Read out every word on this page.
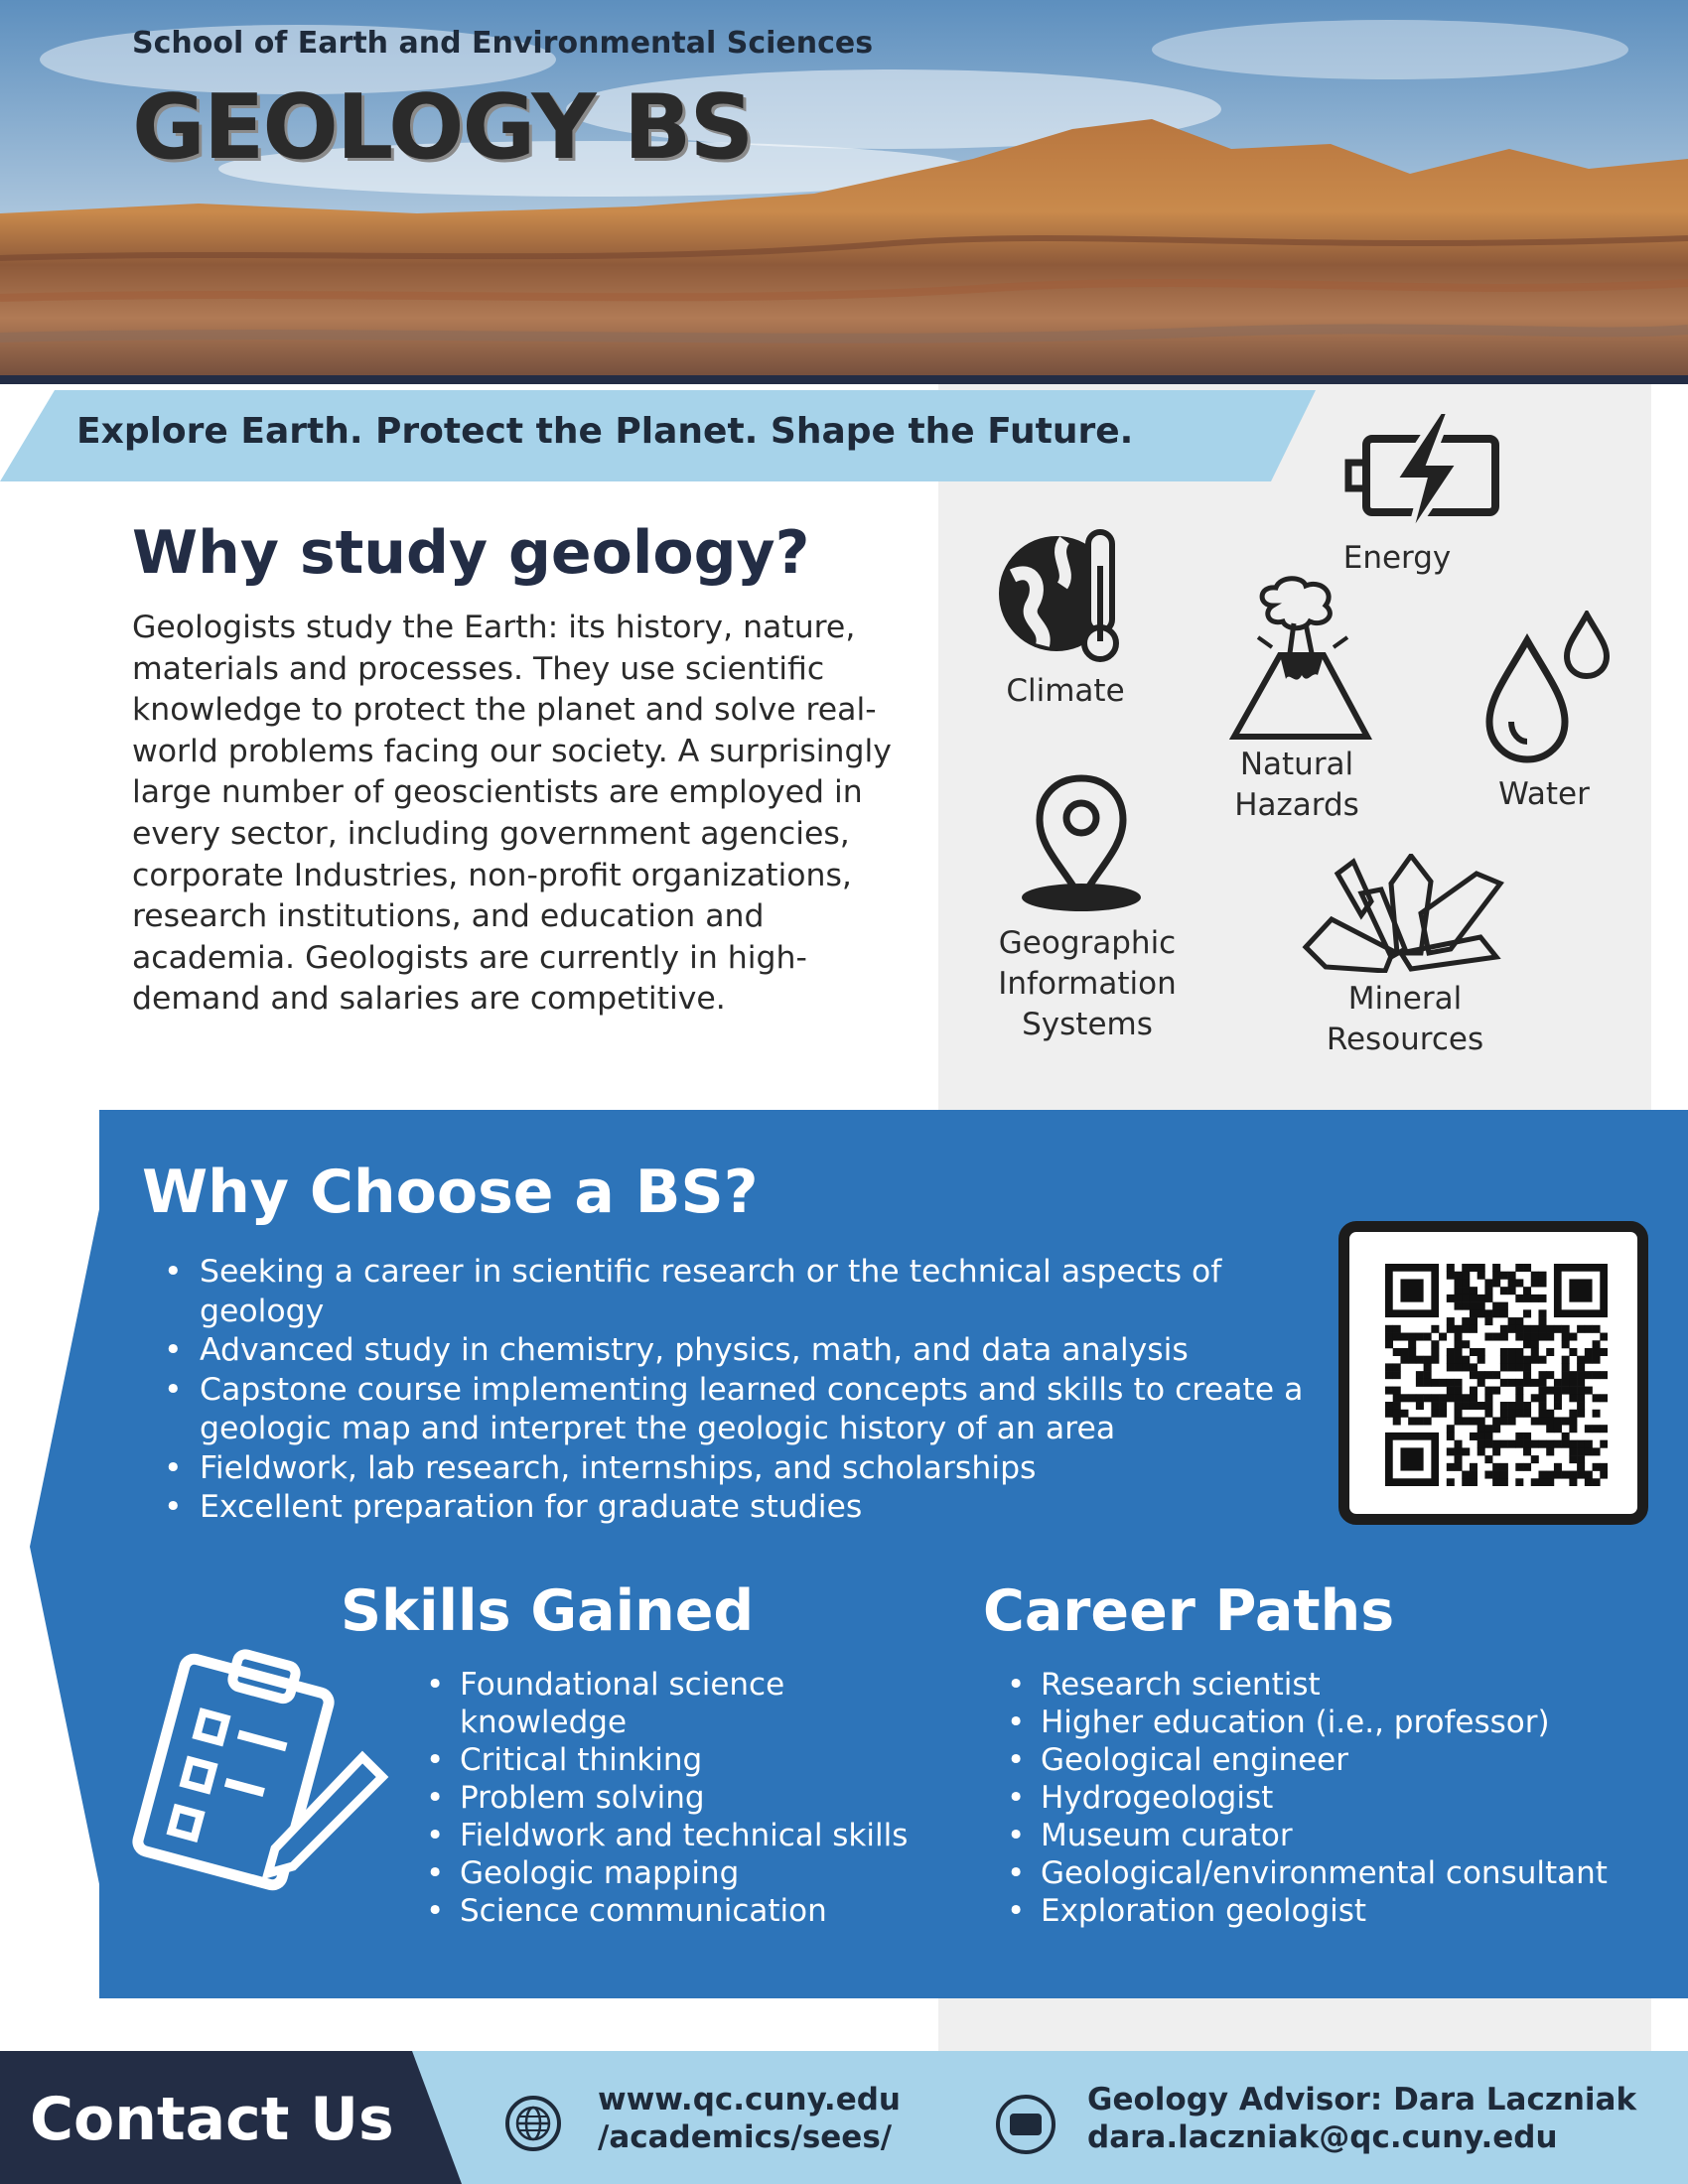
School of Earth and Environmental Sciences
GEOLOGY BS
Explore Earth. Protect the Planet. Shape the Future.
Why study geology?
Geologists study the Earth: its history, nature, materials and processes. They use scientific knowledge to protect the planet and solve real-world problems facing our society. A surprisingly large number of geoscientists are employed in every sector, including government agencies, corporate Industries, non-profit organizations, research institutions, and education and academia. Geologists are currently in high-demand and salaries are competitive.
Energy
Climate
Natural
Hazards	Water
Geographic
Information
Systems
Mineral
Resources
Why Choose a BS?
• Seeking a career in scientific research or the technical aspects of geology
• Advanced study in chemistry, physics, math, and data analysis
• Capstone course implementing learned concepts and skills to create a geologic map and interpret the geologic history of an area
• Fieldwork, lab research, internships, and scholarships
• Excellent preparation for graduate studies
Skills Gained
• Foundational science knowledge
• Critical thinking
• Problem solving
• Fieldwork and technical skills
• Geologic mapping
• Science communication
Career Paths
• Research scientist
• Higher education (i.e., professor)
• Geological engineer
• Hydrogeologist
• Museum curator
• Geological/environmental consultant
• Exploration geologist
Contact Us	www.qc.cuny.edu
/academics/sees/
Geology Advisor: Dara Laczniak
dara.laczniak@qc.cuny.edu
